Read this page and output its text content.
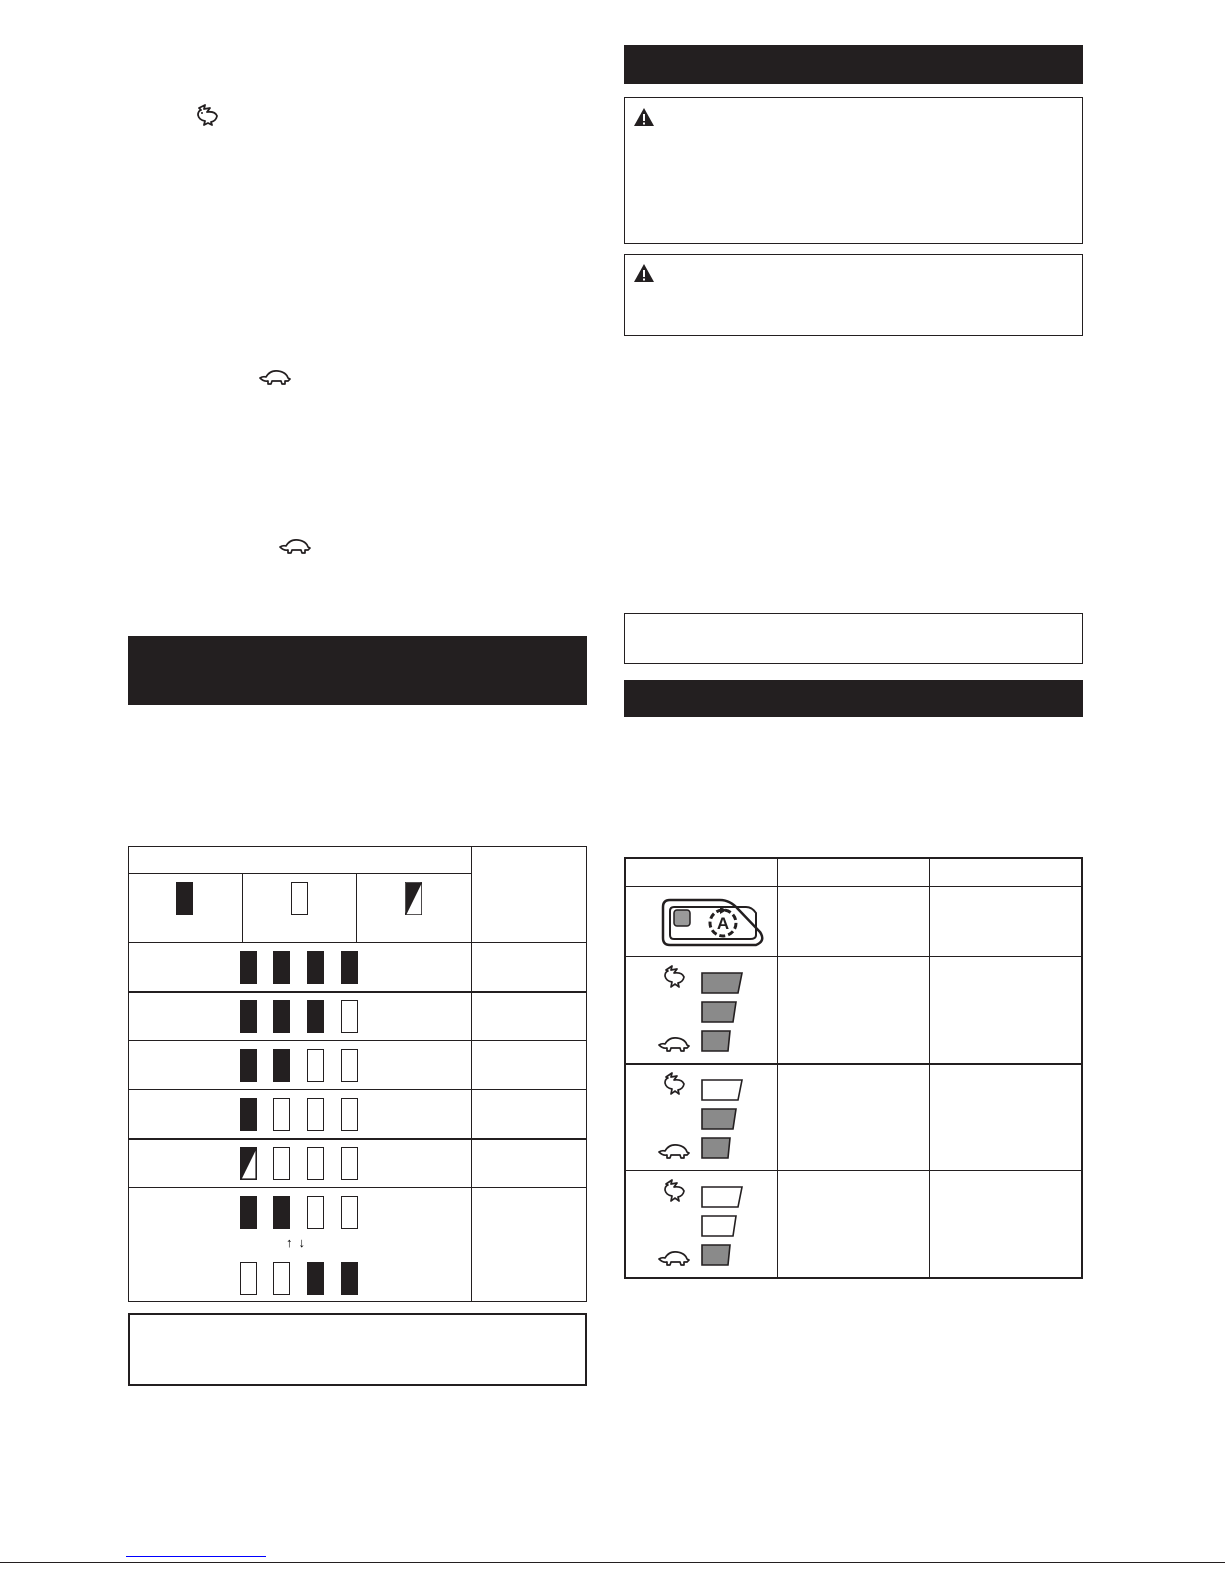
↑↓
A
